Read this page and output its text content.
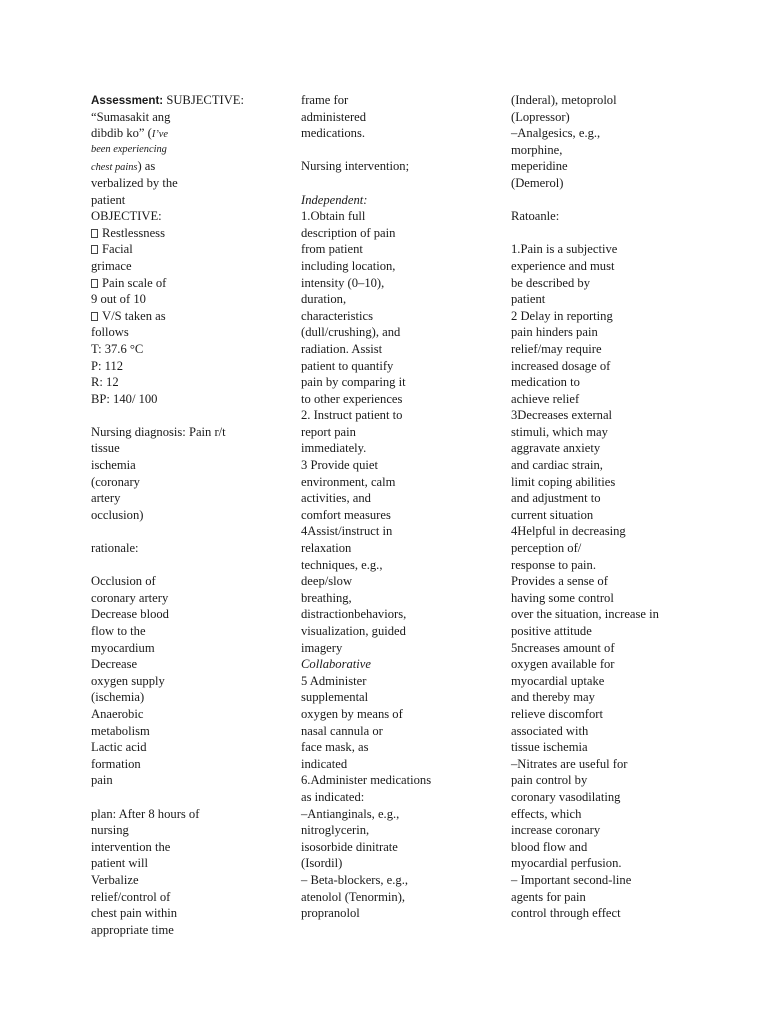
Assessment: SUBJECTIVE:
“Sumasakit ang
dibdib ko” (I’ve
been experiencing
chest pains) as
verbalized by the
patient
OBJECTIVE:
Restlessness
Facial
grimace
Pain scale of
9 out of 10
V/S taken as
follows
T: 37.6 °C
P: 112
R: 12
BP: 140/ 100
Nursing diagnosis: Pain r/t
tissue
ischemia
(coronary
artery
occlusion)
rationale:
Occlusion of
coronary artery
Decrease blood
flow to the
myocardium
Decrease
oxygen supply
(ischemia)
Anaerobic
metabolism
Lactic acid
formation
pain
plan: After 8 hours of
nursing
intervention the
patient will
Verbalize
relief/control of
chest pain within
appropriate time
frame for
administered
medications.
Nursing intervention;
Independent:
1.Obtain full
description of pain
from patient
including location,
intensity (0–10),
duration,
characteristics
(dull/crushing), and
radiation. Assist
patient to quantify
pain by comparing it
to other experiences
2. Instruct patient to
report pain
immediately.
3 Provide quiet
environment, calm
activities, and
comfort measures
4Assist/instruct in
relaxation
techniques, e.g.,
deep/slow
breathing,
distractionbehaviors,
visualization, guided
imagery
Collaborative
5 Administer
supplemental
oxygen by means of
nasal cannula or
face mask, as
indicated
6.Administer medications
as indicated:
–Antianginals, e.g.,
nitroglycerin,
isosorbide dinitrate
(Isordil)
– Beta-blockers, e.g.,
atenolol (Tenormin),
propranolol
(Inderal), metoprolol
(Lopressor)
–Analgesics, e.g.,
morphine,
meperidine
(Demerol)
Ratoanle:
1.Pain is a subjective
experience and must
be described by
patient
2 Delay in reporting
pain hinders pain
relief/may require
increased dosage of
medication to
achieve relief
3Decreases external
stimuli, which may
aggravate anxiety
and cardiac strain,
limit coping abilities
and adjustment to
current situation
4Helpful in decreasing
perception of/
response to pain.
Provides a sense of
having some control
over the situation, increase in
positive attitude
5ncreases amount of
oxygen available for
myocardial uptake
and thereby may
relieve discomfort
associated with
tissue ischemia
–Nitrates are useful for
pain control by
coronary vasodilating
effects, which
increase coronary
blood flow and
myocardial perfusion.
– Important second-line
agents for pain
control through effect
